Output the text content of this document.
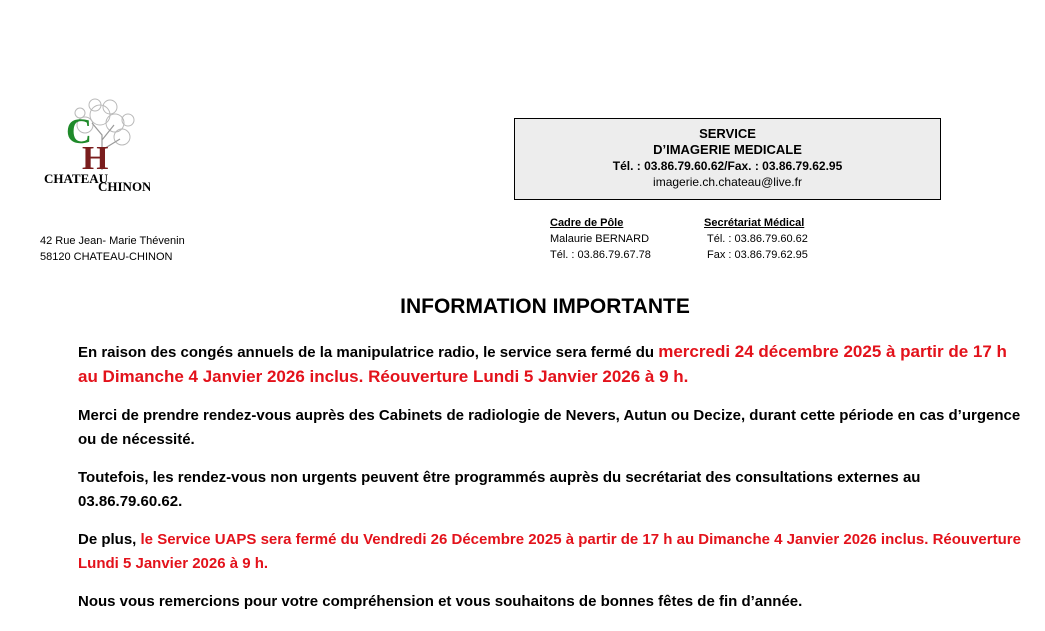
C
H
CHATEAU
CHINON
42 Rue Jean- Marie Thévenin
58120 CHATEAU-CHINON
SERVICE
D’IMAGERIE MEDICALE
Tél. : 03.86.79.60.62/Fax. : 03.86.79.62.95
imagerie.ch.chateau@live.fr
Cadre de Pôle
Malaurie BERNARD
Tél. : 03.86.79.67.78
Secrétariat Médical
Tél. : 03.86.79.60.62
Fax : 03.86.79.62.95
INFORMATION IMPORTANTE

En raison des congés annuels de la manipulatrice radio, le service sera fermé du mercredi 24 décembre 2025 à partir de 17 h au Dimanche 4 Janvier 2026 inclus. Réouverture Lundi 5 Janvier 2026 à 9 h.

Merci de prendre rendez-vous auprès des Cabinets de radiologie de Nevers, Autun ou Decize, durant cette période en cas d’urgence ou de nécessité.

Toutefois, les rendez-vous non urgents peuvent être programmés auprès du secrétariat des consultations externes au 03.86.79.60.62.

De plus, le Service UAPS sera fermé du Vendredi 26 Décembre 2025 à partir de 17 h au Dimanche 4 Janvier 2026 inclus. Réouverture Lundi 5 Janvier 2026 à 9 h.

Nous vous remercions pour votre compréhension et vous souhaitons de bonnes fêtes de fin d’année.
